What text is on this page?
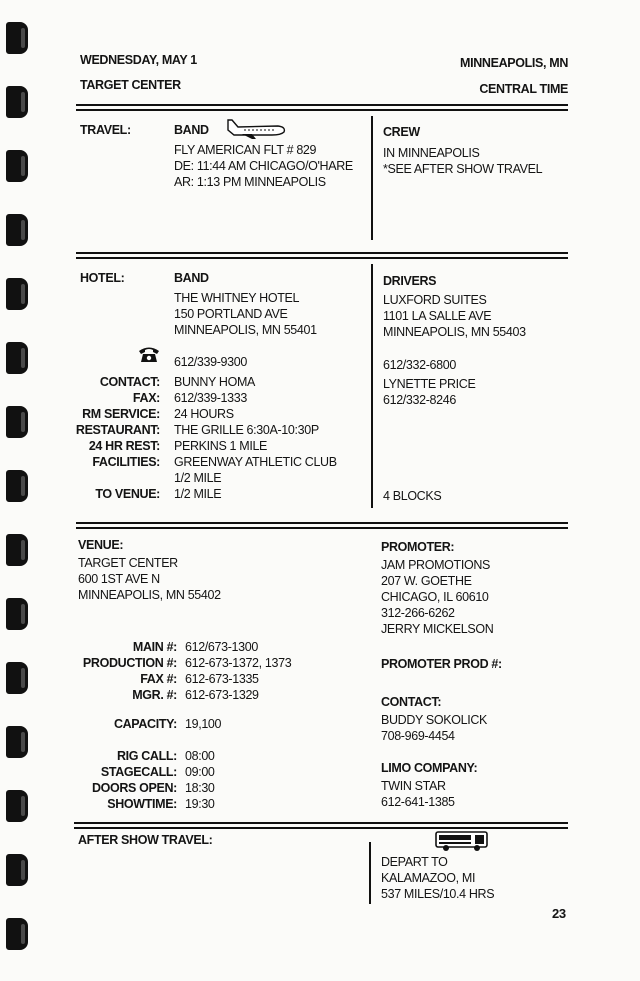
WEDNESDAY, MAY 1	MINNEAPOLIS, MN
TARGET CENTER	CENTRAL TIME
TRAVEL:	BAND
FLY AMERICAN FLT # 829
DE: 11:44 AM CHICAGO/O'HARE
AR: 1:13 PM MINNEAPOLIS
CREW
IN MINNEAPOLIS
*SEE AFTER SHOW TRAVEL
HOTEL:	BAND
THE WHITNEY HOTEL
150 PORTLAND AVE
MINNEAPOLIS, MN 55401
612/339-9300
CONTACT: BUNNY HOMA
FAX: 612/339-1333
RM SERVICE: 24 HOURS
RESTAURANT: THE GRILLE 6:30A-10:30P
24 HR REST: PERKINS 1 MILE
FACILITIES: GREENWAY ATHLETIC CLUB
1/2 MILE
TO VENUE: 1/2 MILE
DRIVERS
LUXFORD SUITES
1101 LA SALLE AVE
MINNEAPOLIS, MN 55403
612/332-6800
LYNETTE PRICE
612/332-8246
4 BLOCKS
VENUE:
TARGET CENTER
600 1ST AVE N
MINNEAPOLIS, MN 55402
MAIN #: 612/673-1300
PRODUCTION #: 612-673-1372, 1373
FAX #: 612-673-1335
MGR. #: 612-673-1329
CAPACITY: 19,100
RIG CALL: 08:00
STAGECALL: 09:00
DOORS OPEN: 18:30
SHOWTIME: 19:30
PROMOTER:
JAM PROMOTIONS
207 W. GOETHE
CHICAGO, IL 60610
312-266-6262
JERRY MICKELSON
PROMOTER PROD #:
CONTACT:
BUDDY SOKOLICK
708-969-4454
LIMO COMPANY:
TWIN STAR
612-641-1385
AFTER SHOW TRAVEL:
DEPART TO
KALAMAZOO, MI
537 MILES/10.4 HRS
23
